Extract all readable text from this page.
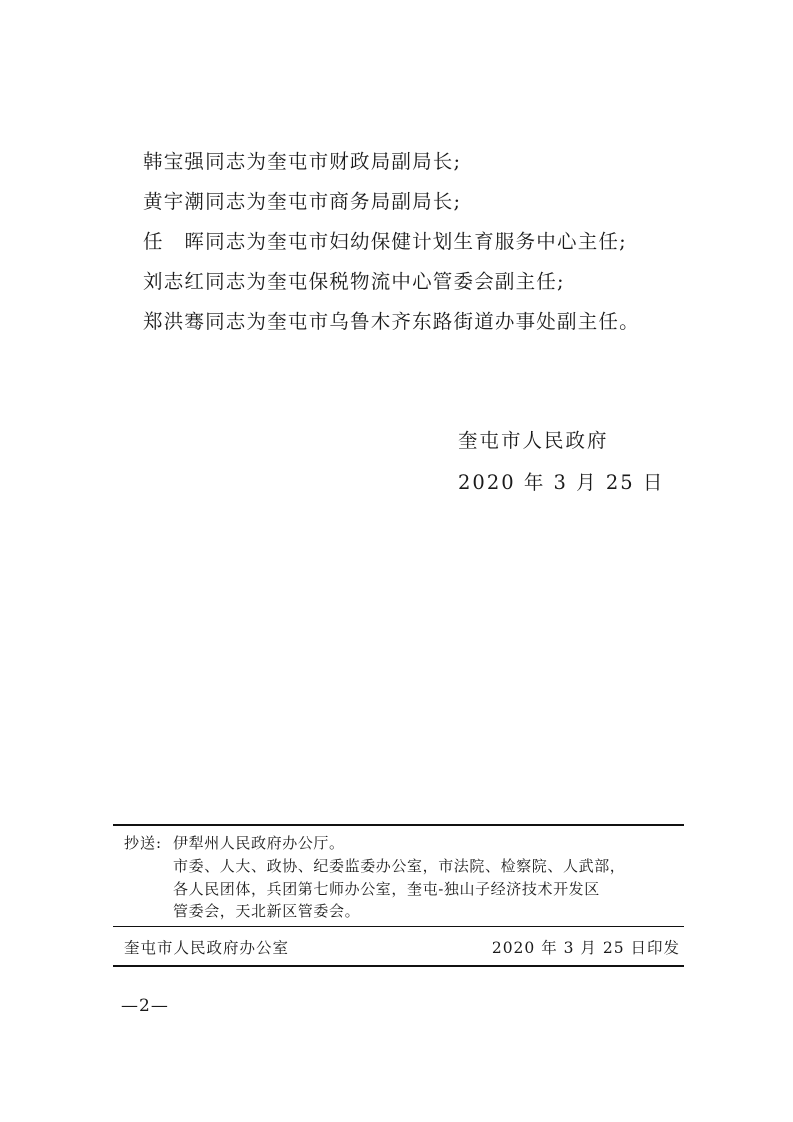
韩宝强同志为奎屯市财政局副局长;
黄宇潮同志为奎屯市商务局副局长;
任　晖同志为奎屯市妇幼保健计划生育服务中心主任;
刘志红同志为奎屯保税物流中心管委会副主任;
郑洪骞同志为奎屯市乌鲁木齐东路街道办事处副主任。
奎屯市人民政府
2020 年 3 月 25 日
抄送: 伊犁州人民政府办公厅。
市委、人大、政协、纪委监委办公室，市法院、检察院、人武部，
各人民团体，兵团第七师办公室，奎屯-独山子经济技术开发区
管委会，天北新区管委会。
奎屯市人民政府办公室	2020 年 3 月 25 日印发
—2—
